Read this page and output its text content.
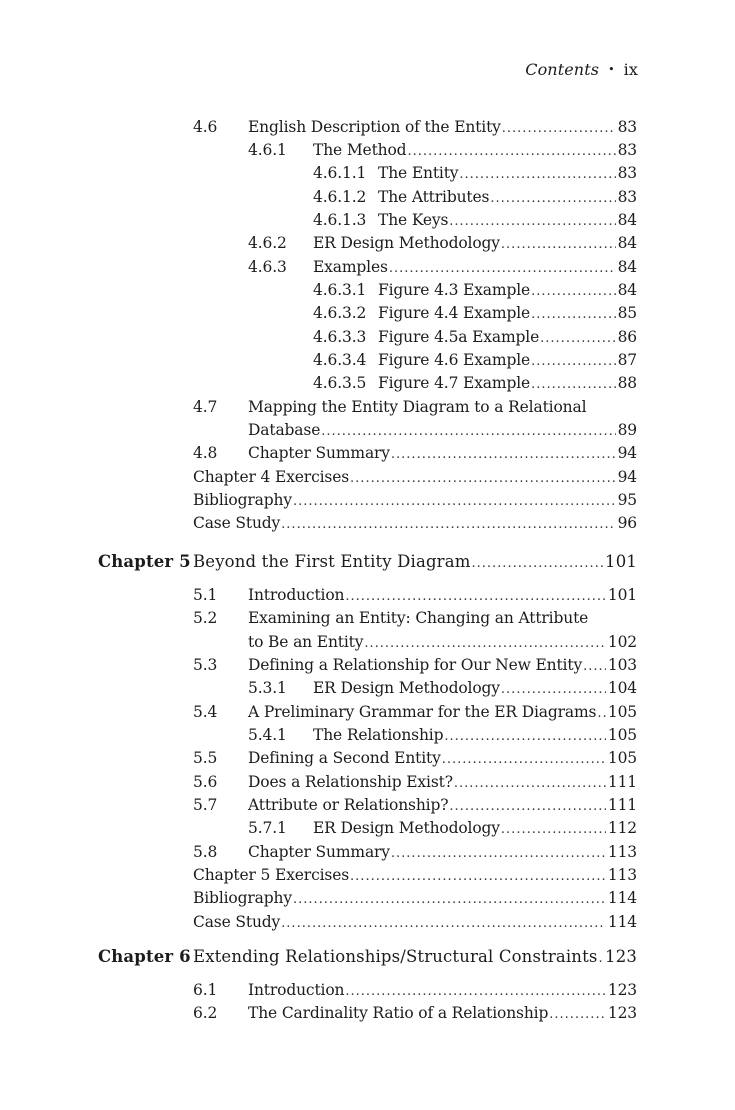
Contents • ix
4.6	English Description of the Entity .....	83
4.6.1	The Method .....	83
4.6.1.1 The Entity .....	83
4.6.1.2 The Attributes .....	83
4.6.1.3 The Keys .....	84
4.6.2	ER Design Methodology .....	84
4.6.3	Examples .....	84
4.6.3.1 Figure 4.3 Example .....	84
4.6.3.2 Figure 4.4 Example .....	85
4.6.3.3 Figure 4.5a Example .....	86
4.6.3.4 Figure 4.6 Example .....	87
4.6.3.5 Figure 4.7 Example .....	88
4.7 Mapping the Entity Diagram to a Relational
Database .....	89
4.8	Chapter Summary .....	94
Chapter 4 Exercises .....	94
Bibliography .....	95
Case Study .....	96
Chapter 5 Beyond the First Entity Diagram .....	101
5.1	Introduction .....	101
5.2 Examining an Entity: Changing an Attribute
to Be an Entity .....	102
5.3	Defining a Relationship for Our New Entity ..... 103
5.3.1	ER Design Methodology .....	104
5.4	A Preliminary Grammar for the ER Diagrams ..... 105
5.4.1	The Relationship .....	105
5.5	Defining a Second Entity .....	105
5.6	Does a Relationship Exist? .....	111
5.7	Attribute or Relationship? .....	111
5.7.1	ER Design Methodology .....	112
5.8	Chapter Summary .....	113
Chapter 5 Exercises .....	113
Bibliography .....	114
Case Study .....	114
Chapter 6 Extending Relationships/Structural Constraints ..... 123
6.1	Introduction .....	123
6.2	The Cardinality Ratio of a Relationship .....	123
